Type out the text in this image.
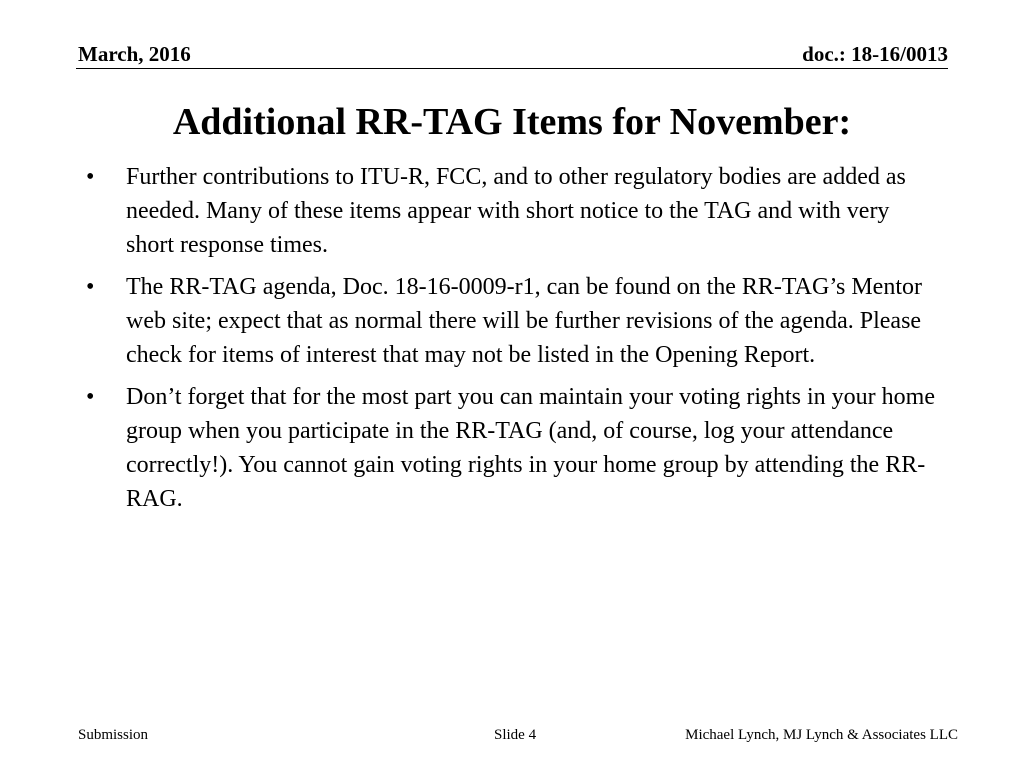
March, 2016	doc.: 18-16/0013
Additional RR-TAG Items for November:
•	Further contributions to ITU-R, FCC, and to other regulatory bodies are added as needed. Many of these items appear with short notice to the TAG and with very short response times.
•	The RR-TAG agenda, Doc. 18-16-0009-r1, can be found on the RR-TAG’s Mentor web site; expect that as normal there will be further revisions of the agenda. Please check for items of interest that may not be listed in the Opening Report.
•	Don’t forget that for the most part you can maintain your voting rights in your home group when you participate in the RR-TAG (and, of course, log your attendance correctly!). You cannot gain voting rights in your home group by attending the RR-RAG.
Submission	Slide 4	Michael Lynch, MJ Lynch & Associates LLC
